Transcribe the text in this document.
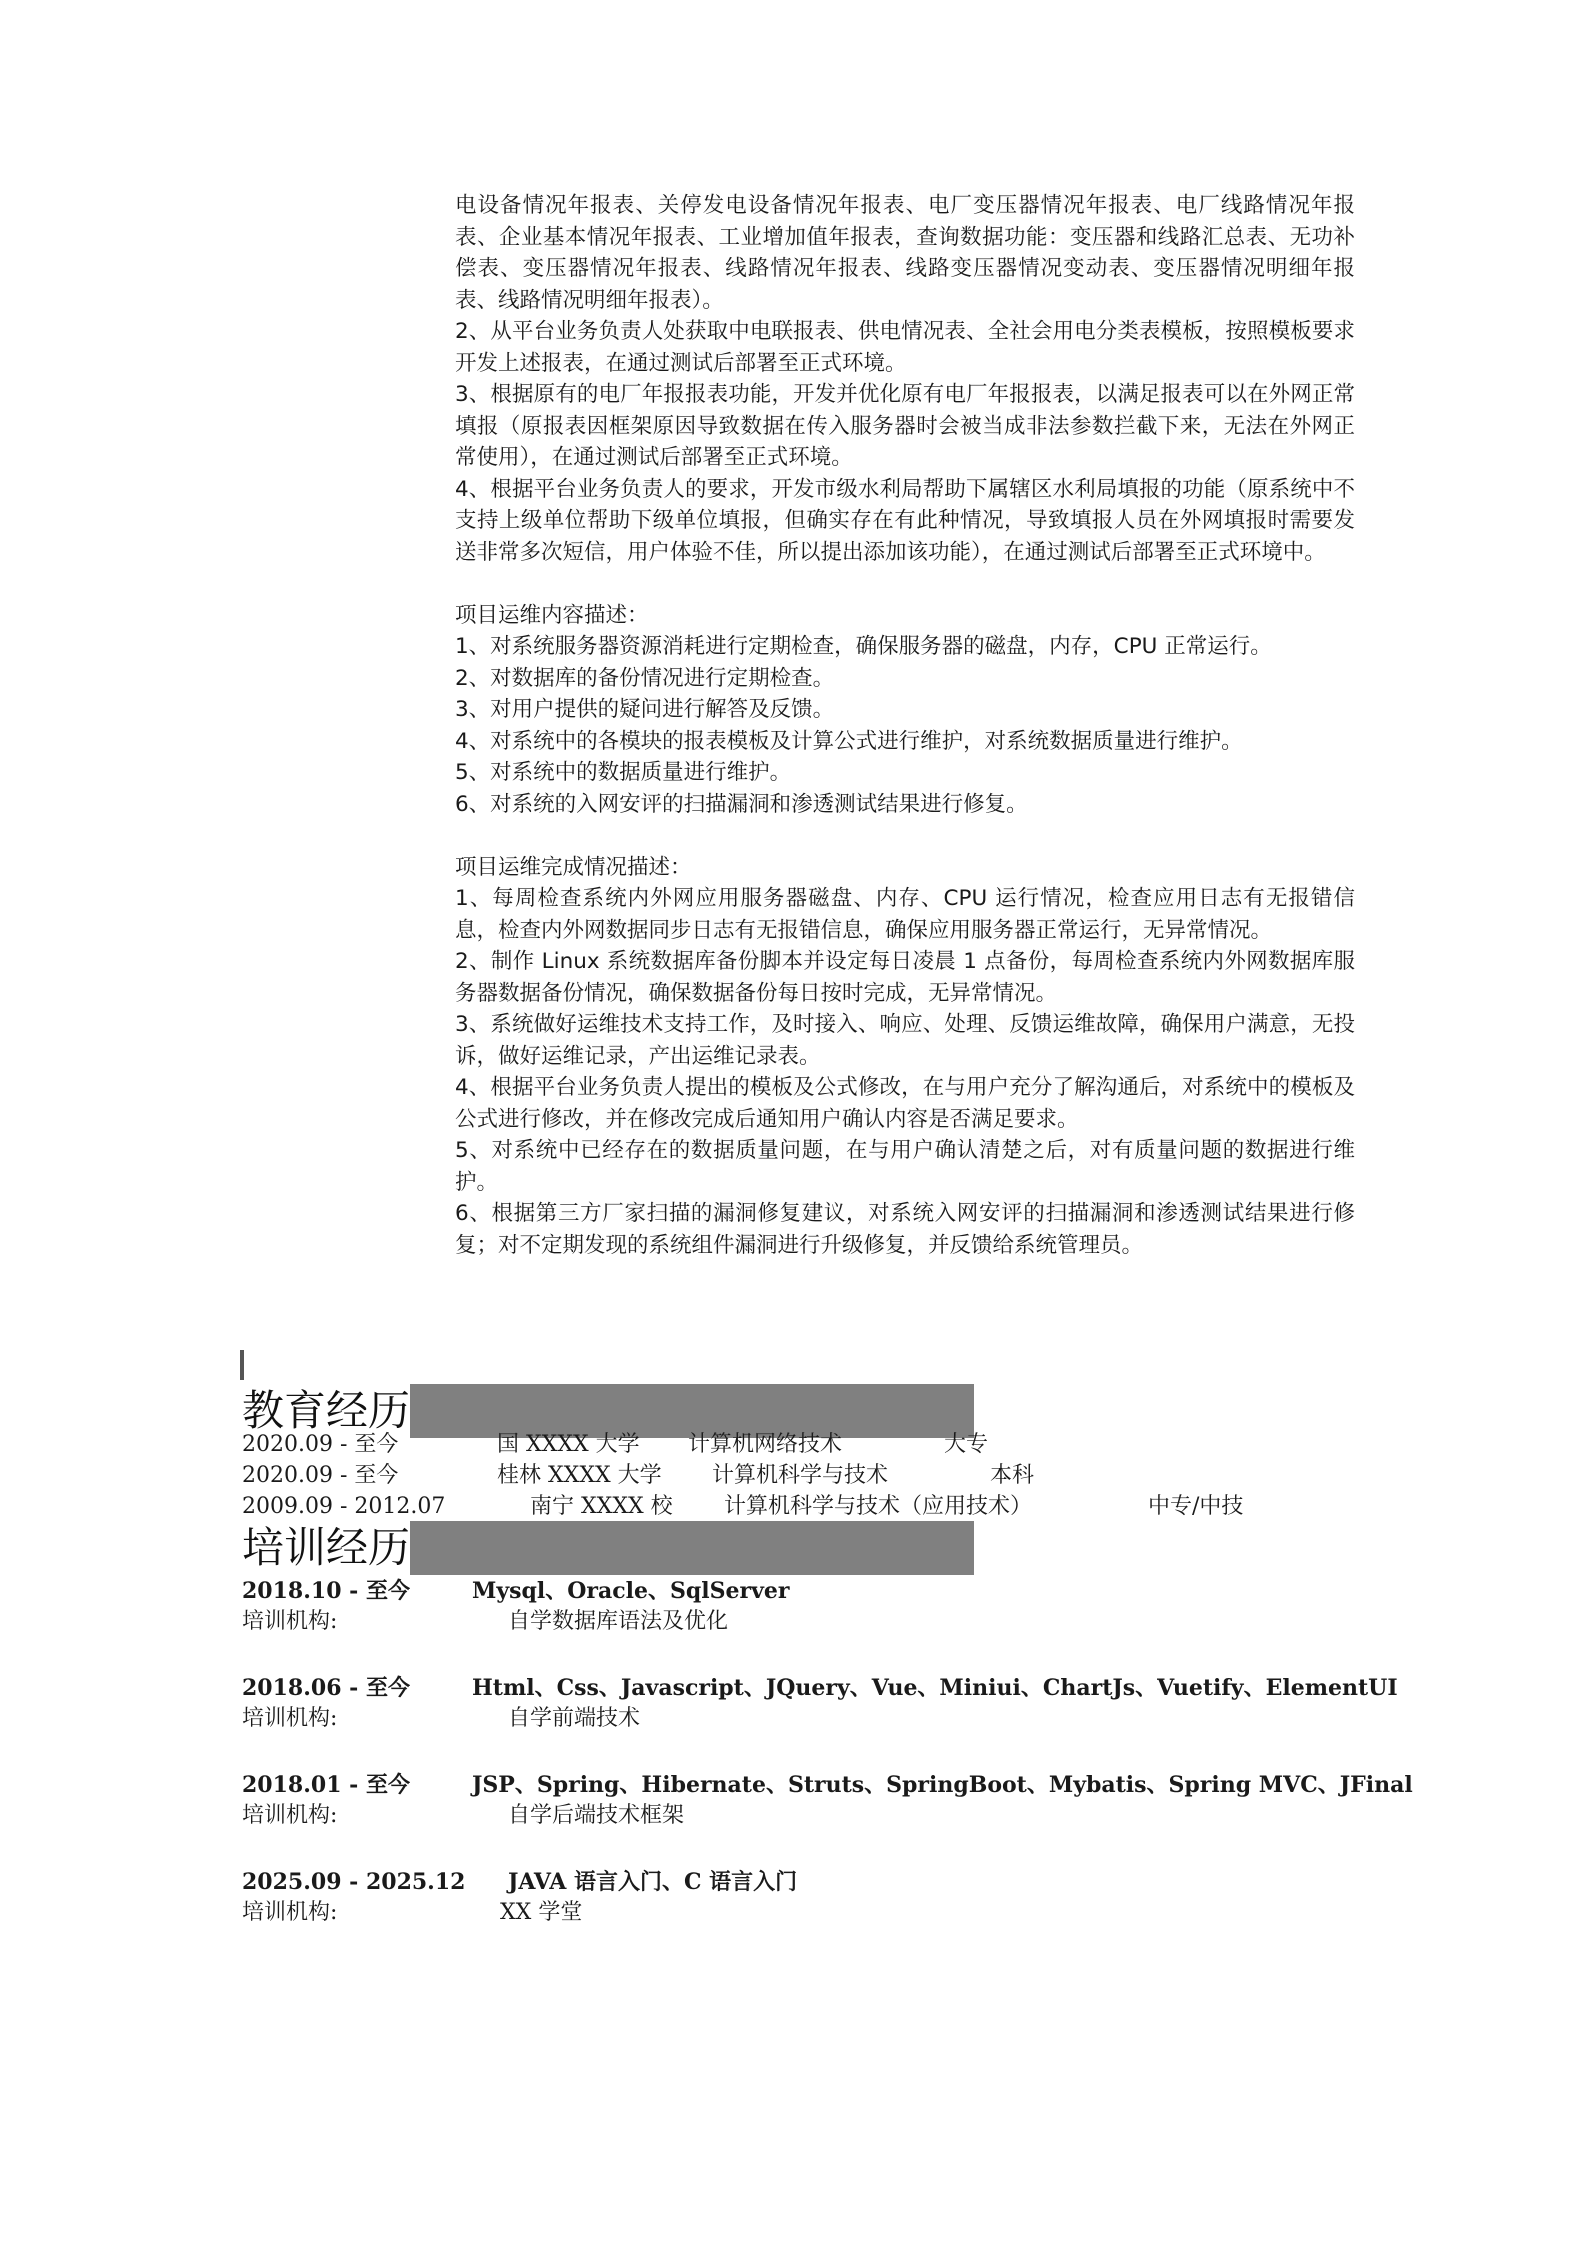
电设备情况年报表、关停发电设备情况年报表、电厂变压器情况年报表、电厂线路情况年报表、企业基本情况年报表、工业增加值年报表，查询数据功能：变压器和线路汇总表、无功补偿表、变压器情况年报表、线路情况年报表、线路变压器情况变动表、变压器情况明细年报表、线路情况明细年报表）。

2、从平台业务负责人处获取中电联报表、供电情况表、全社会用电分类表模板，按照模板要求开发上述报表，在通过测试后部署至正式环境。

3、根据原有的电厂年报报表功能，开发并优化原有电厂年报报表，以满足报表可以在外网正常填报（原报表因框架原因导致数据在传入服务器时会被当成非法参数拦截下来，无法在外网正常使用），在通过测试后部署至正式环境。

4、根据平台业务负责人的要求，开发市级水利局帮助下属辖区水利局填报的功能（原系统中不支持上级单位帮助下级单位填报，但确实存在有此种情况，导致填报人员在外网填报时需要发送非常多次短信，用户体验不佳，所以提出添加该功能），在通过测试后部署至正式环境中。

项目运维内容描述：

1、对系统服务器资源消耗进行定期检查，确保服务器的磁盘，内存，CPU 正常运行。

2、对数据库的备份情况进行定期检查。

3、对用户提供的疑问进行解答及反馈。

4、对系统中的各模块的报表模板及计算公式进行维护，对系统数据质量进行维护。

5、对系统中的数据质量进行维护。

6、对系统的入网安评的扫描漏洞和渗透测试结果进行修复。

项目运维完成情况描述：

1、每周检查系统内外网应用服务器磁盘、内存、CPU 运行情况，检查应用日志有无报错信息，检查内外网数据同步日志有无报错信息，确保应用服务器正常运行，无异常情况。

2、制作 Linux 系统数据库备份脚本并设定每日凌晨 1 点备份，每周检查系统内外网数据库服务器数据备份情况，确保数据备份每日按时完成，无异常情况。

3、系统做好运维技术支持工作，及时接入、响应、处理、反馈运维故障，确保用户满意，无投诉，做好运维记录，产出运维记录表。

4、根据平台业务负责人提出的模板及公式修改，在与用户充分了解沟通后，对系统中的模板及公式进行修改，并在修改完成后通知用户确认内容是否满足要求。

5、对系统中已经存在的数据质量问题，在与用户确认清楚之后，对有质量问题的数据进行维护。

6、根据第三方厂家扫描的漏洞修复建议，对系统入网安评的扫描漏洞和渗透测试结果进行修复；对不定期发现的系统组件漏洞进行升级修复，并反馈给系统管理员。

教育经历
2020.09 - 至今	国 XXXX 大学 计算机网络技术	大专
2020.09 - 至今	桂林 XXXX 大学 计算机科学与技术	本科
2009.09 - 2012.07	南宁 XXXX 校 计算机科学与技术（应用技术）	中专/中技
培训经历
2018.10 - 至今	Mysql、Oracle、SqlServer
培训机构:	自学数据库语法及优化
2018.06 - 至今	Html、Css、Javascript、JQuery、Vue、Miniui、ChartJs、Vuetify、ElementUI
培训机构:	自学前端技术
2018.01 - 至今	JSP、Spring、Hibernate、Struts、SpringBoot、Mybatis、Spring MVC、JFinal
培训机构:	自学后端技术框架
2025.09 - 2025.12 JAVA 语言入门、C 语言入门
培训机构:	XX 学堂
